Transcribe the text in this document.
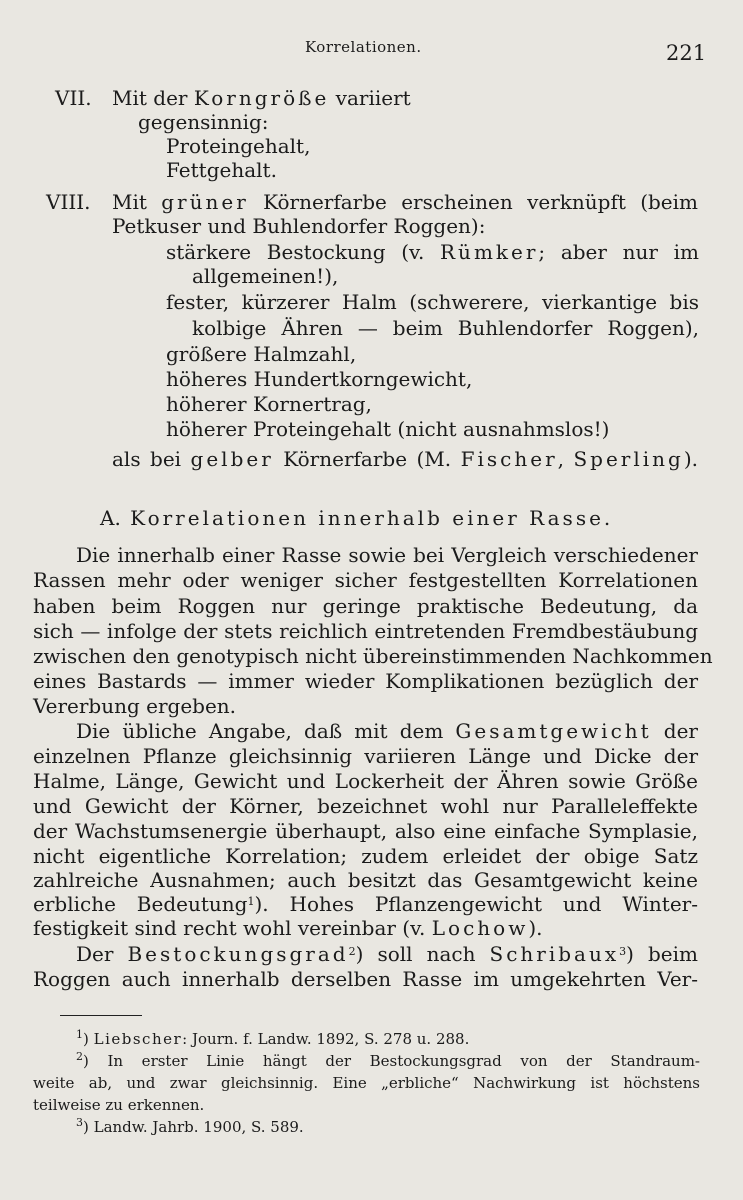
Korrelationen.	221
VII. Mit der Korngröße variiert
gegensinnig:
Proteingehalt,
Fettgehalt.
VIII. Mit grüner Körnerfarbe erscheinen verknüpft (beim
Petkuser und Buhlendorfer Roggen):
stärkere Bestockung (v. Rümker; aber nur im
allgemeinen!),
fester, kürzerer Halm (schwerere, vierkantige bis
kolbige Ähren — beim Buhlendorfer Roggen),
größere Halmzahl,
höheres Hundertkorngewicht,
höherer Kornertrag,
höherer Proteingehalt (nicht ausnahmslos!)
als bei gelber Körnerfarbe (M. Fischer, Sperling).
A. Korrelationen innerhalb einer Rasse.
Die innerhalb einer Rasse sowie bei Vergleich verschiedener
Rassen mehr oder weniger sicher festgestellten Korrelationen
haben beim Roggen nur geringe praktische Bedeutung, da
sich — infolge der stets reichlich eintretenden Fremdbestäubung
zwischen den genotypisch nicht übereinstimmenden Nachkommen
eines Bastards — immer wieder Komplikationen bezüglich der
Vererbung ergeben.
Die übliche Angabe, daß mit dem Gesamtgewicht der
einzelnen Pflanze gleichsinnig variieren Länge und Dicke der
Halme, Länge, Gewicht und Lockerheit der Ähren sowie Größe
und Gewicht der Körner, bezeichnet wohl nur Paralleleffekte
der Wachstumsenergie überhaupt, also eine einfache Symplasie,
nicht eigentliche Korrelation; zudem erleidet der obige Satz
zahlreiche Ausnahmen; auch besitzt das Gesamtgewicht keine
erbliche Bedeutung$^1$). Hohes Pflanzengewicht und Winter-
festigkeit sind recht wohl vereinbar (v. Lochow).
Der Bestockungsgrad$^2$) soll nach Schribaux$^3$) beim
Roggen auch innerhalb derselben Rasse im umgekehrten Ver-
$^1$) Liebscher: Journ. f. Landw. 1892, S. 278 u. 288.
$^2$) In erster Linie hängt der Bestockungsgrad von der Standraum-
weite ab, und zwar gleichsinnig. Eine „erbliche“ Nachwirkung ist höchstens
teilweise zu erkennen.
$^3$) Landw. Jahrb. 1900, S. 589.
